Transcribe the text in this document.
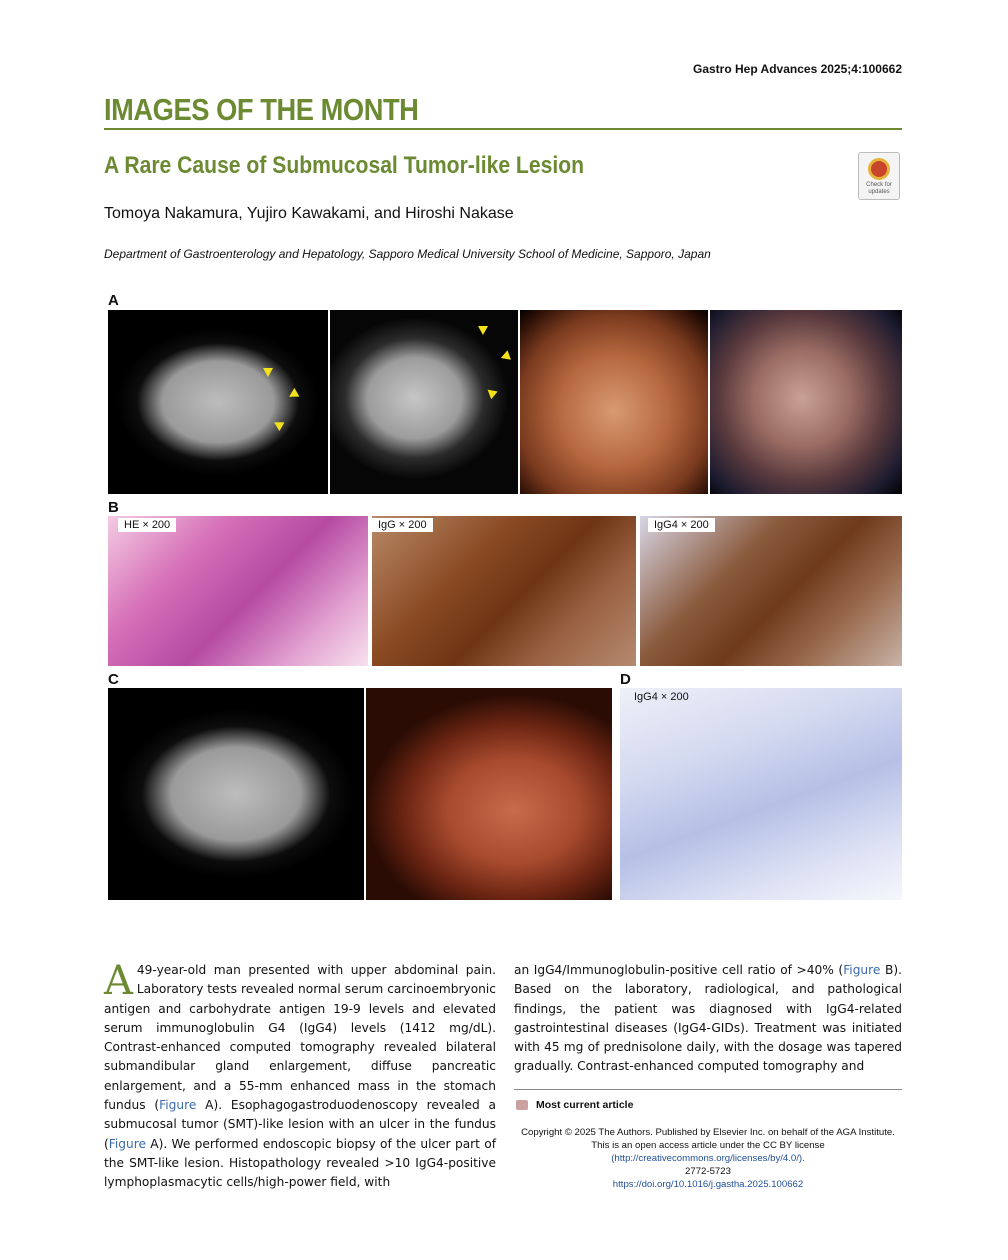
Gastro Hep Advances 2025;4:100662
IMAGES OF THE MONTH
A Rare Cause of Submucosal Tumor-like Lesion
Check for updates
Tomoya Nakamura, Yujiro Kawakami, and Hiroshi Nakase
Department of Gastroenterology and Hepatology, Sapporo Medical University School of Medicine, Sapporo, Japan
A
B
HE × 200	IgG × 200	IgG4 × 200
C	D
IgG4 × 200
A 49-year-old man presented with upper abdominal pain. Laboratory tests revealed normal serum carcinoembryonic antigen and carbohydrate antigen 19-9 levels and elevated serum immunoglobulin G4 (IgG4) levels (1412 mg/dL). Contrast-enhanced computed tomography revealed bilateral submandibular gland enlargement, diffuse pancreatic enlargement, and a 55-mm enhanced mass in the stomach fundus (Figure A). Esophagogastroduodenoscopy revealed a submucosal tumor (SMT)-like lesion with an ulcer in the fundus (Figure A). We performed endoscopic biopsy of the ulcer part of the SMT-like lesion. Histopathology revealed >10 IgG4-positive lymphoplasmacytic cells/high-power field, with
an IgG4/Immunoglobulin-positive cell ratio of >40% (Figure B). Based on the laboratory, radiological, and pathological findings, the patient was diagnosed with IgG4-related gastrointestinal diseases (IgG4-GIDs). Treatment was initiated with 45 mg of prednisolone daily, with the dosage was tapered gradually. Contrast-enhanced computed tomography and
Most current article
Copyright © 2025 The Authors. Published by Elsevier Inc. on behalf of the AGA Institute. This is an open access article under the CC BY license
(http://creativecommons.org/licenses/by/4.0/).
2772-5723
https://doi.org/10.1016/j.gastha.2025.100662
